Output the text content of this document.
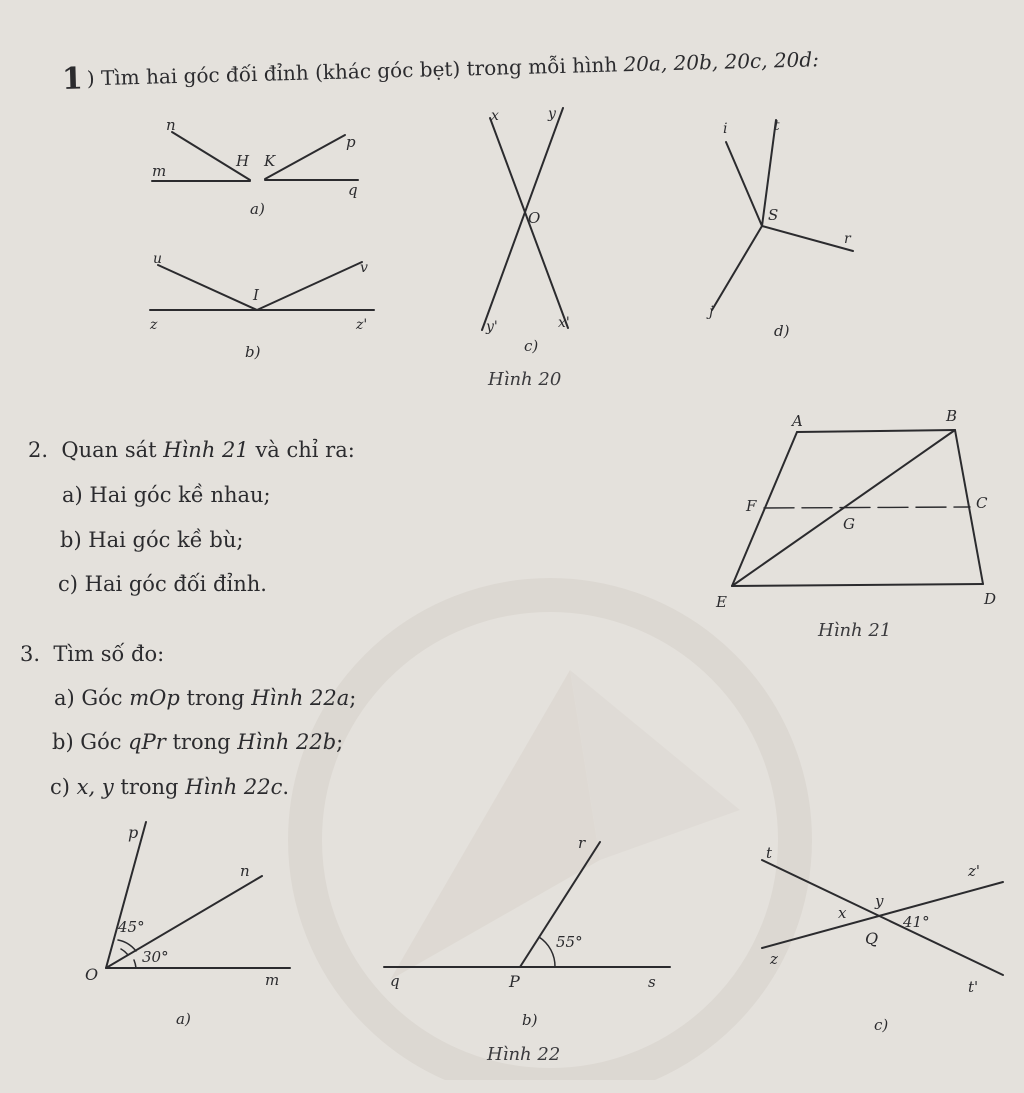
1 ) Tìm hai góc đối đỉnh (khác góc bẹt) trong mỗi hình 20a, 20b, 20c, 20d:
n
m
H K
p
q
a)
u
v
I
z	z'
b)
x	y
O
y'	x'
c)
i	t
S
r
j
d)
A	B
C
D
E
F
G
p
n
O	m
45°
30°
a)
r
q	P	s
55°
b)
t
z'
z
t'
Q
x
y
41°
c)
Hình 20
Hình 21
Hình 22
2. Quan sát Hình 21 và chỉ ra:
a) Hai góc kề nhau;
b) Hai góc kề bù;
c) Hai góc đối đỉnh.
3. Tìm số đo:
a) Góc mOp trong Hình 22a;
b) Góc qPr trong Hình 22b;
c) x, y trong Hình 22c.
